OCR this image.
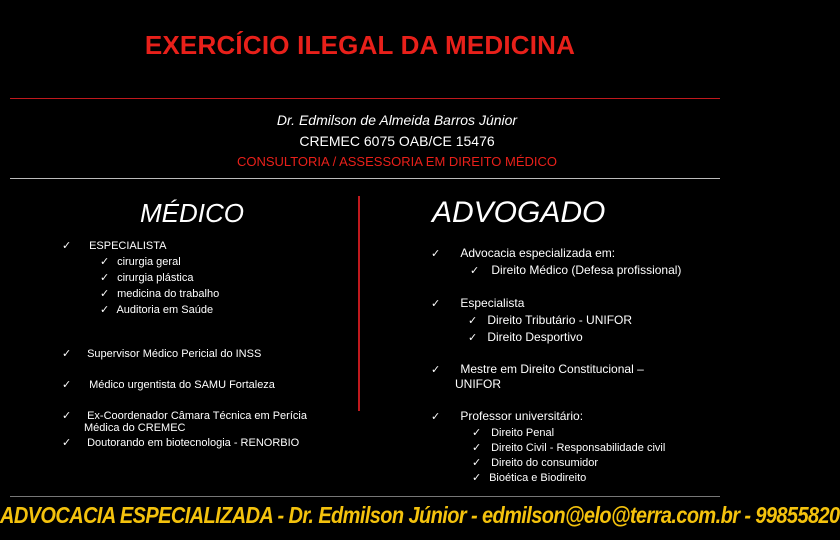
EXERCÍCIO ILEGAL DA MEDICINA
Dr. Edmilson de Almeida Barros Júnior
CREMEC 6075 OAB/CE 15476
CONSULTORIA / ASSESSORIA EM DIREITO MÉDICO
MÉDICO
✓ ESPECIALISTA
✓ cirurgia geral
✓ cirurgia plástica
✓ medicina do trabalho
✓ Auditoria em Saúde
✓ Supervisor Médico Pericial do INSS
✓ Médico urgentista do SAMU Fortaleza
✓ Ex-Coordenador Câmara Técnica em Perícia
Médica do CREMEC
✓ Doutorando em biotecnologia - RENORBIO
ADVOGADO
✓ Advocacia especializada em:
✓ Direito Médico (Defesa profissional)
✓ Especialista
✓ Direito Tributário - UNIFOR
✓ Direito Desportivo
✓ Mestre em Direito Constitucional –
UNIFOR
✓ Professor universitário:
✓ Direito Penal
✓ Direito Civil - Responsabilidade civil
✓ Direito do consumidor
✓ Bioética e Biodireito
ADVOCACIA ESPECIALIZADA - Dr. Edmilson Júnior - edmilson@elo@terra.com.br - 99855820
